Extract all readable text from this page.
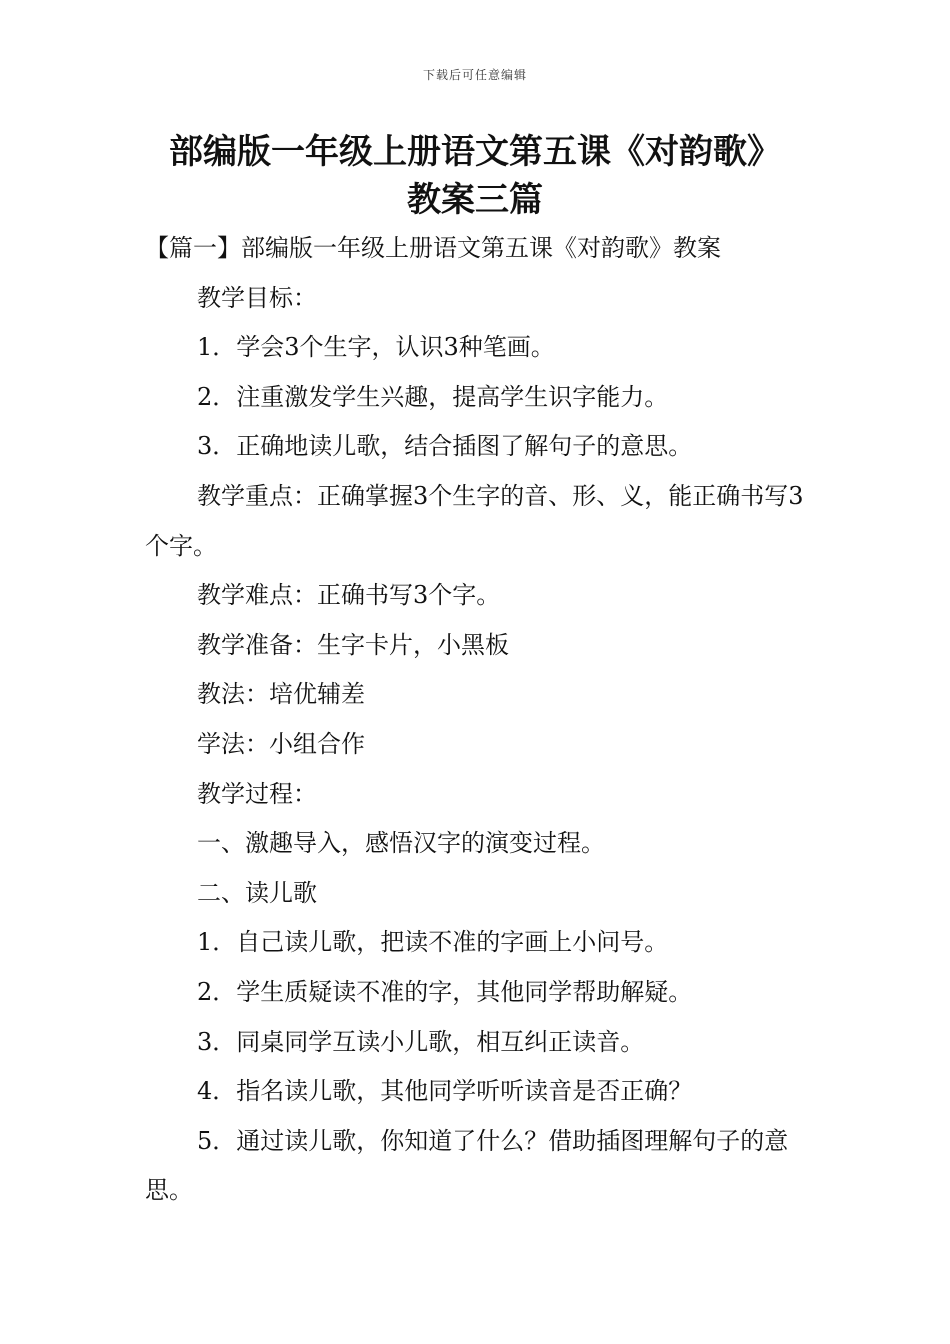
下载后可任意编辑
部编版一年级上册语文第五课《对韵歌》
教案三篇

【篇一】部编版一年级上册语文第五课《对韵歌》教案

教学目标：

1．学会3个生字，认识3种笔画。

2．注重激发学生兴趣，提高学生识字能力。

3．正确地读儿歌，结合插图了解句子的意思。

教学重点：正确掌握3个生字的音、形、义，能正确书写3个字。

教学难点：正确书写3个字。

教学准备：生字卡片，小黑板

教法：培优辅差

学法：小组合作

教学过程：

一、激趣导入，感悟汉字的演变过程。

二、读儿歌

1．自己读儿歌，把读不准的字画上小问号。

2．学生质疑读不准的字，其他同学帮助解疑。

3．同桌同学互读小儿歌，相互纠正读音。

4．指名读儿歌，其他同学听听读音是否正确？

5．通过读儿歌，你知道了什么？借助插图理解句子的意思。
